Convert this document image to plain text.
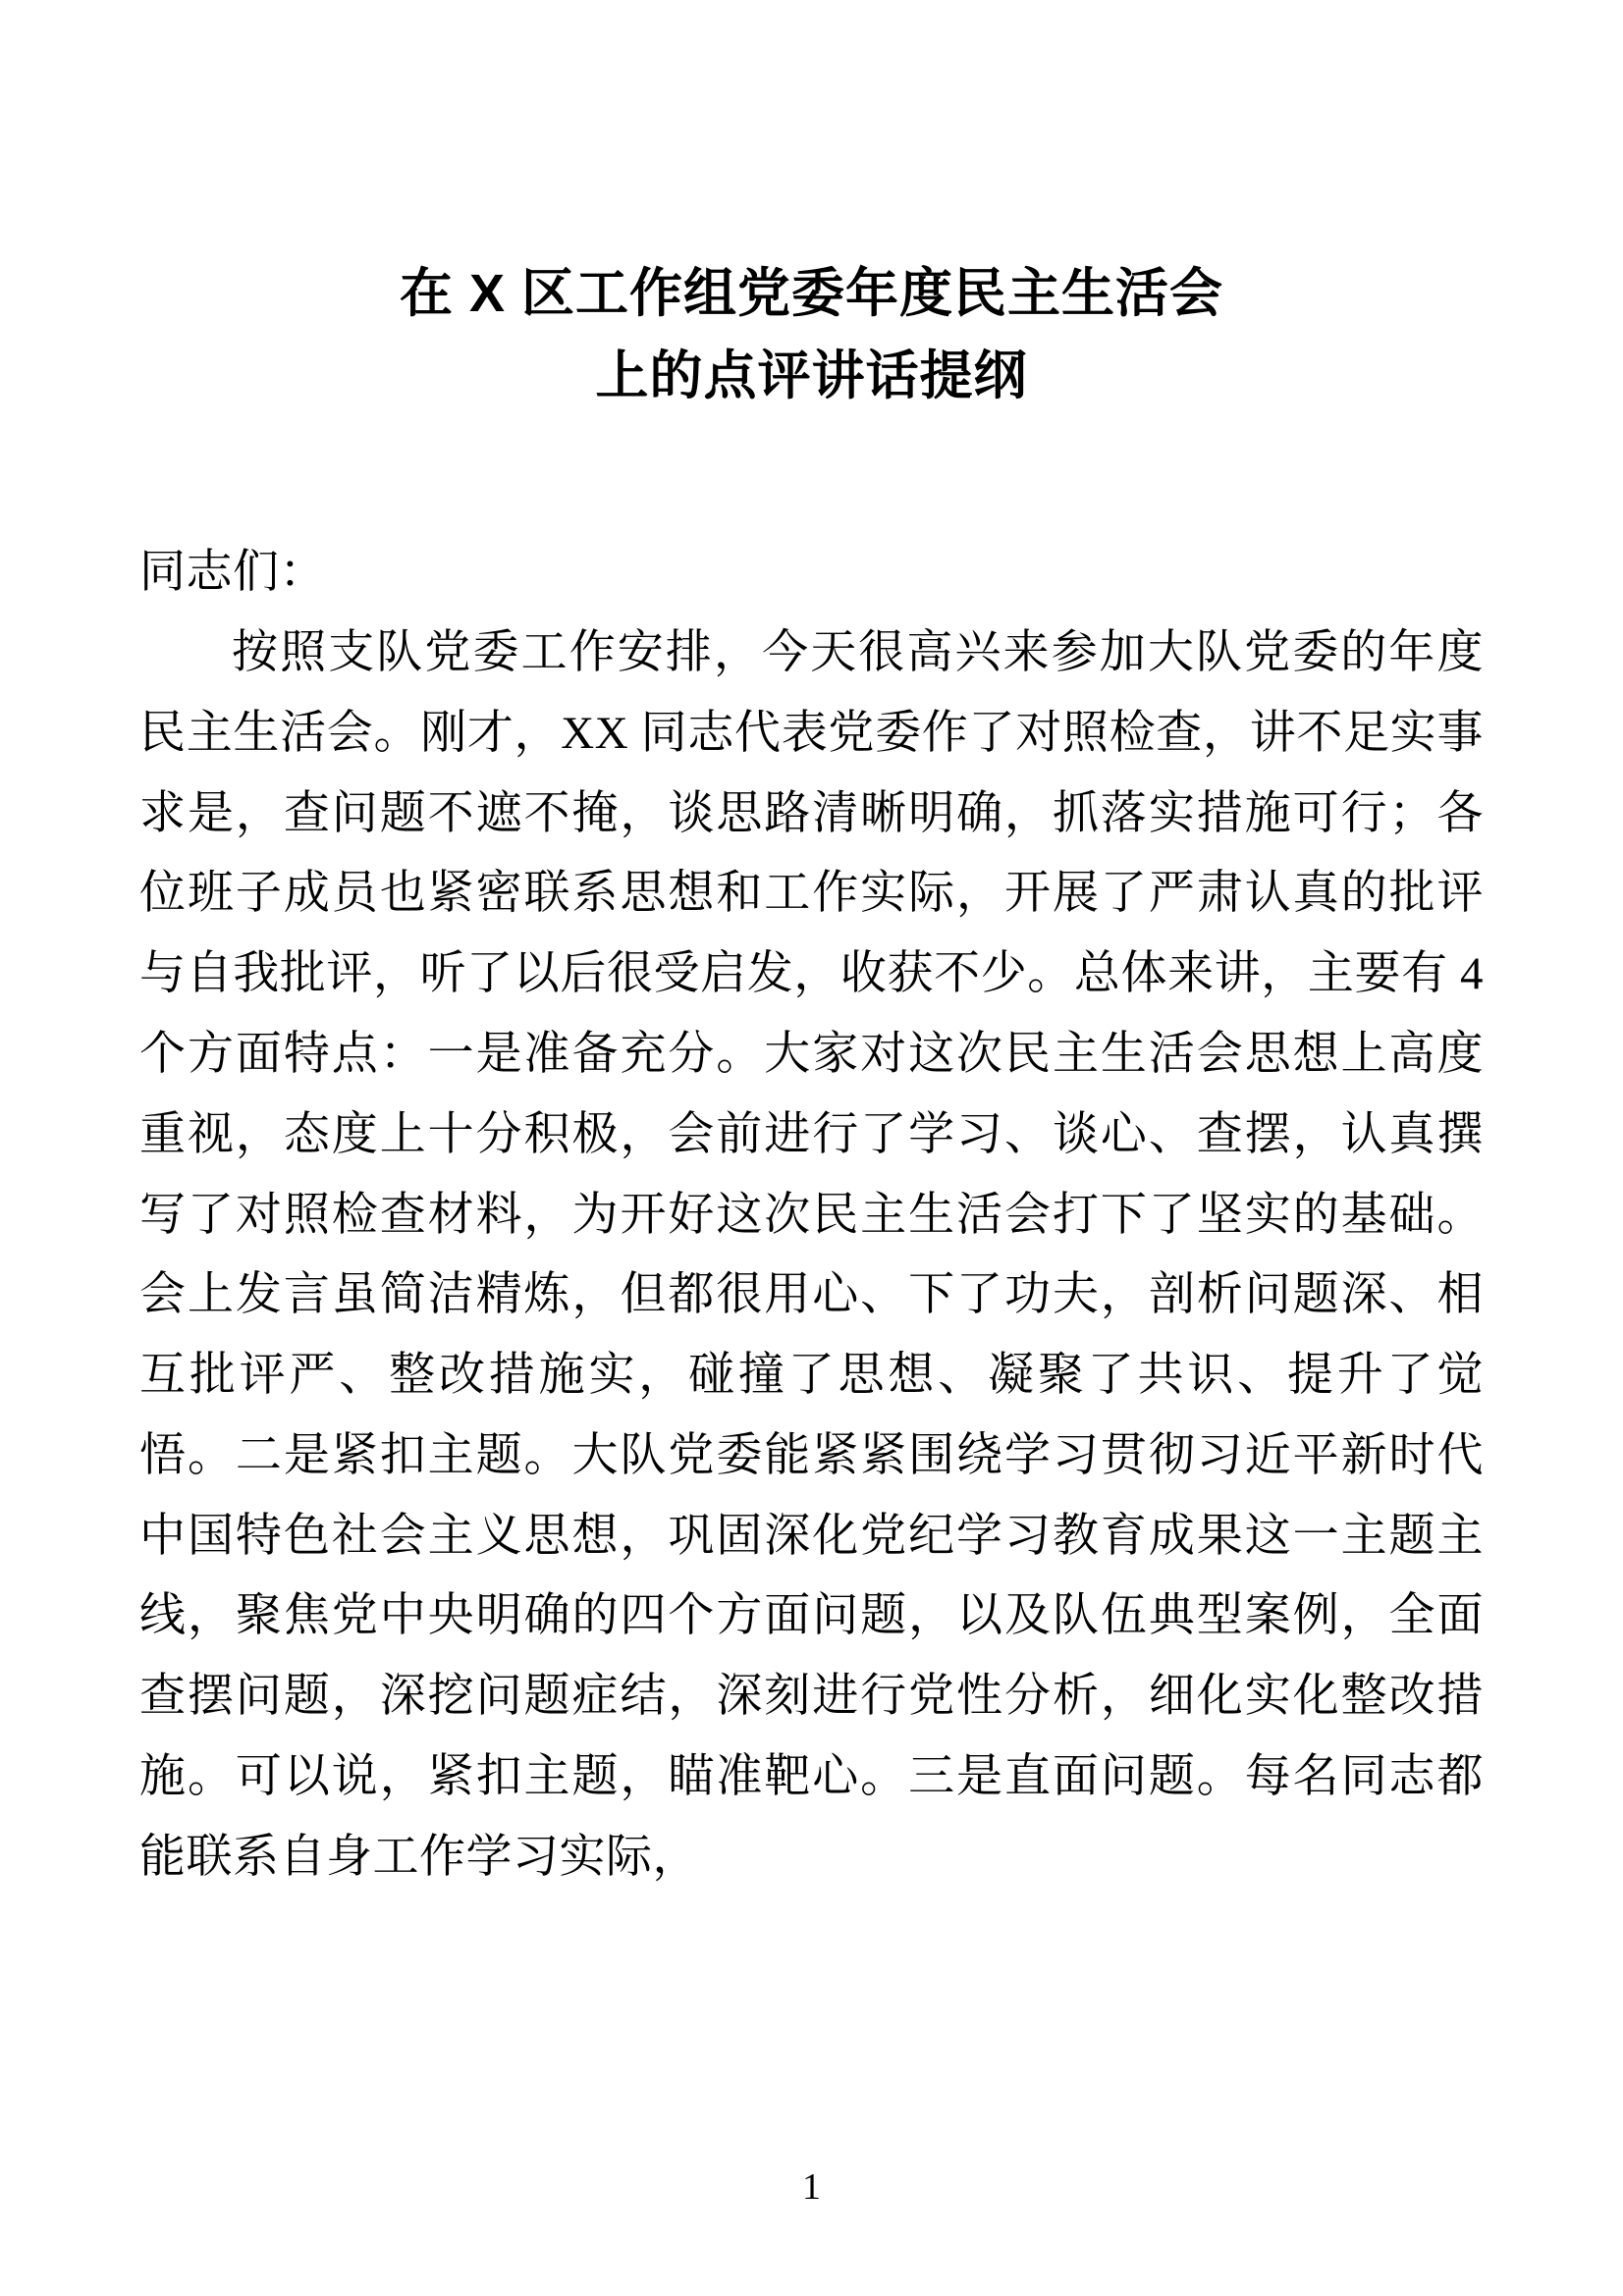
在 X 区工作组党委年度民主生活会
上的点评讲话提纲

同志们：

按照支队党委工作安排，今天很高兴来参加大队党委的年度民主生活会。刚才，XX 同志代表党委作了对照检查，讲不足实事求是，查问题不遮不掩，谈思路清晰明确，抓落实措施可行；各位班子成员也紧密联系思想和工作实际，开展了严肃认真的批评与自我批评，听了以后很受启发，收获不少。总体来讲，主要有 4 个方面特点：一是准备充分。大家对这次民主生活会思想上高度重视，态度上十分积极，会前进行了学习、谈心、查摆，认真撰写了对照检查材料，为开好这次民主生活会打下了坚实的基础。会上发言虽简洁精炼，但都很用心、下了功夫，剖析问题深、相互批评严、整改措施实，碰撞了思想、凝聚了共识、提升了觉悟。二是紧扣主题。大队党委能紧紧围绕学习贯彻习近平新时代中国特色社会主义思想，巩固深化党纪学习教育成果这一主题主线，聚焦党中央明确的四个方面问题，以及队伍典型案例，全面查摆问题，深挖问题症结，深刻进行党性分析，细化实化整改措施。可以说，紧扣主题，瞄准靶心。三是直面问题。每名同志都能联系自身工作学习实际，

1
